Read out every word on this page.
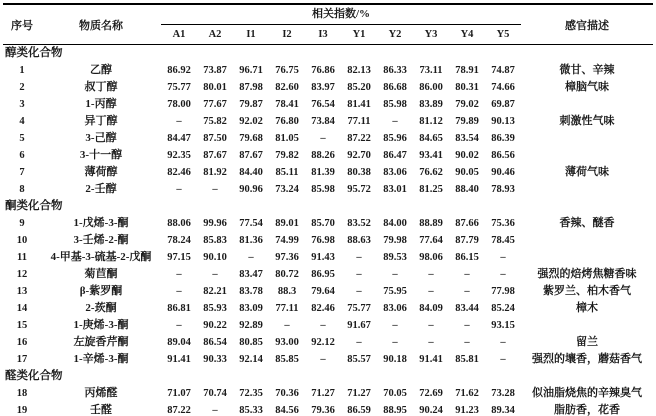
序号	物质名称
相关指数/%
A1	A2	I1	I2	I3	Y1	Y2	Y3	Y4	Y5
感官描述
醇类化合物
1	乙醇	86.92	73.87	96.71	76.75	76.86	82.13	86.33	73.11	78.91	74.87	微甘、辛辣
2	叔丁醇	75.77	80.01	87.98	82.60	83.97	85.20	86.68	86.00	80.31	74.66	樟脑气味
3	1-丙醇	78.00	77.67	79.87	78.41	76.54	81.41	85.98	83.89	79.02	69.87
4	异丁醇	–	75.82	92.02	76.80	73.84	77.11	–	81.12	79.89	90.13	刺激性气味
5	3-己醇	84.47	87.50	79.68	81.05	–	87.22	85.96	84.65	83.54	86.39
6	3-十一醇	92.35	87.67	87.67	79.82	88.26	92.70	86.47	93.41	90.02	86.56
7	薄荷醇	82.46	81.92	84.40	85.11	81.39	80.38	83.06	76.62	90.05	90.46	薄荷气味
8	2-壬醇	–	–	90.96	73.24	85.98	95.72	83.01	81.25	88.40	78.93
酮类化合物
9	1-戊烯-3-酮	88.06	99.96	77.54	89.01	85.70	83.52	84.00	88.89	87.66	75.36	香辣、醚香
10	3-壬烯-2-酮	78.24	85.83	81.36	74.99	76.98	88.63	79.98	77.64	87.79	78.45
11	4-甲基-3-硫基-2-戊酮	97.15	90.10	–	97.36	91.43	–	89.53	98.06	86.15	–
12	菊苣酮	–	–	83.47	80.72	86.95	–	–	–	–	–	强烈的焙烤焦糖香味
13	β-紫罗酮	–	82.21	83.78	88.3	79.64	–	75.95	–	–	77.98	紫罗兰、柏木香气
14	2-莰酮	86.81	85.93	83.09	77.11	82.46	75.77	83.06	84.09	83.44	85.24	樟木
15	1-庚烯-3-酮	–	90.22	92.89	–	–	91.67	–	–	–	93.15
16	左旋香芹酮	89.04	86.54	80.85	93.00	92.12	–	–	–	–	–	留兰
17	1-辛烯-3-酮	91.41	90.33	92.14	85.85	–	85.57	90.18	91.41	85.81	–	强烈的壤香，蘑菇香气
醛类化合物
18	丙烯醛	71.07	70.74	72.35	70.36	71.27	71.27	70.05	72.69	71.62	73.28	似油脂烧焦的辛辣臭气
19	壬醛	87.22	–	85.33	84.56	79.36	86.59	88.95	90.24	91.23	89.34	脂肪香，花香
